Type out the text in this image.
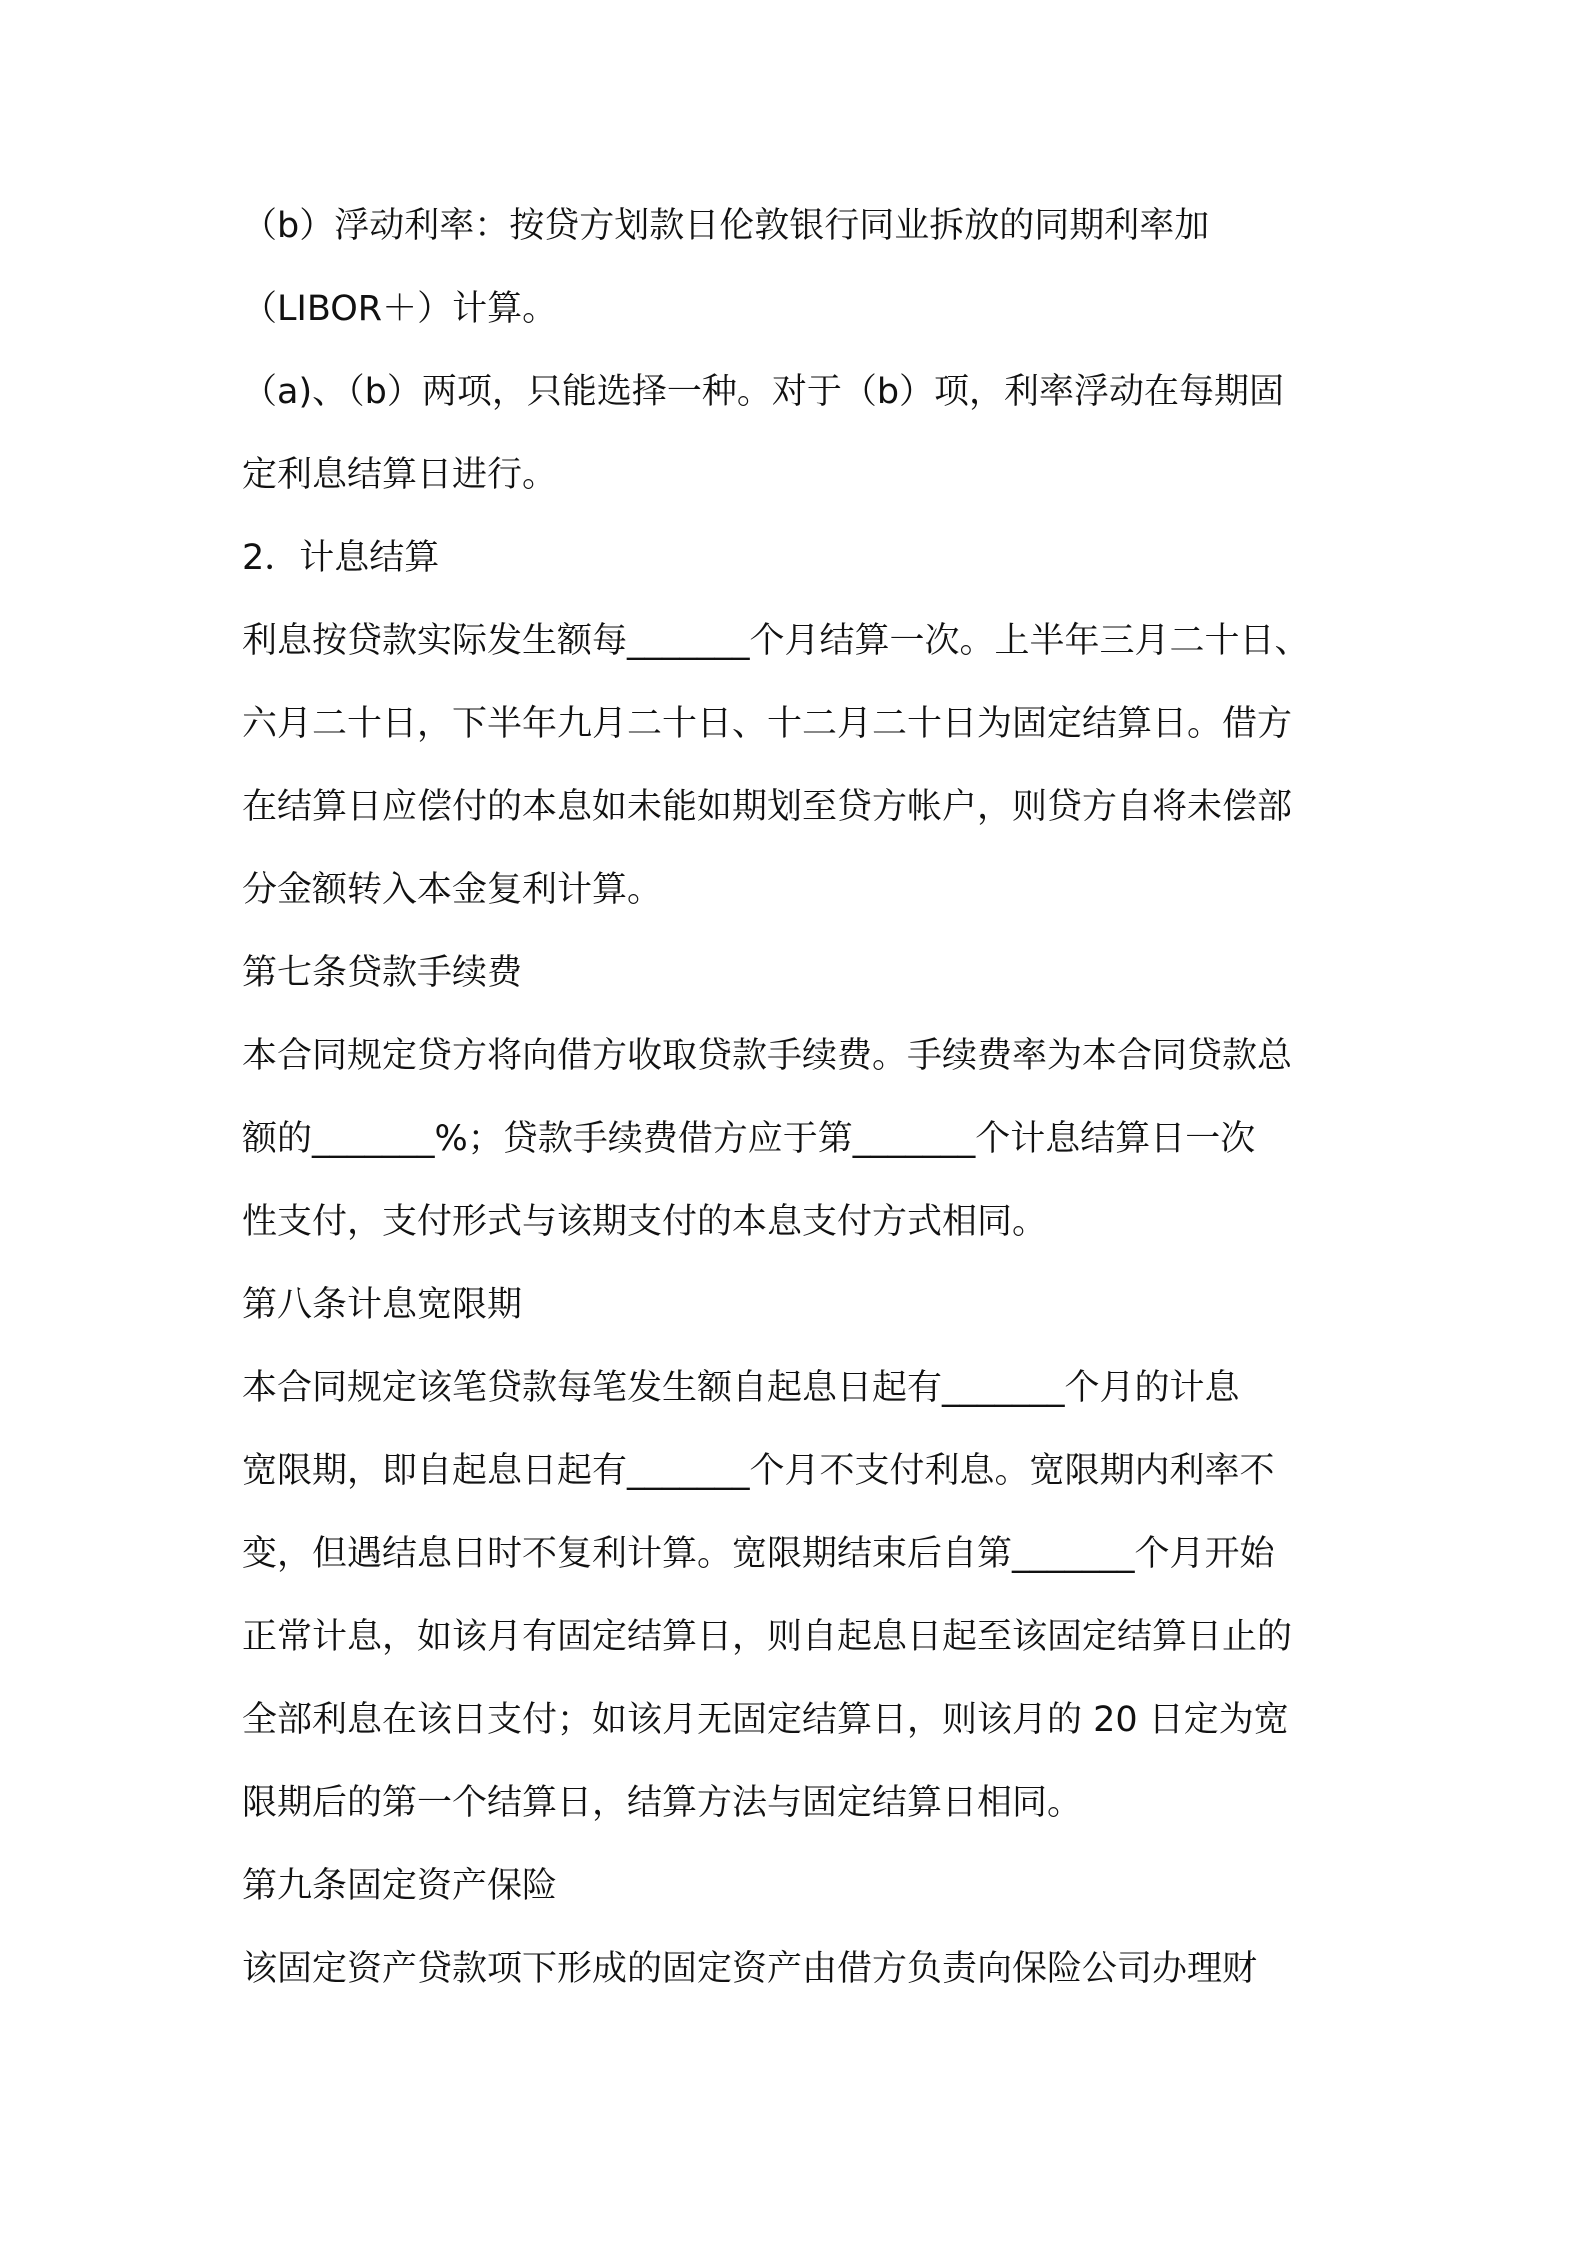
（b）浮动利率：按贷方划款日伦敦银行同业拆放的同期利率加
（LIBOR＋）计算。
（a)、（b）两项，只能选择一种。对于（b）项，利率浮动在每期固
定利息结算日进行。
2．计息结算
利息按贷款实际发生额每_______个月结算一次。上半年三月二十日、
六月二十日，下半年九月二十日、十二月二十日为固定结算日。借方
在结算日应偿付的本息如未能如期划至贷方帐户，则贷方自将未偿部
分金额转入本金复利计算。
第七条贷款手续费
本合同规定贷方将向借方收取贷款手续费。手续费率为本合同贷款总
额的_______%；贷款手续费借方应于第_______个计息结算日一次
性支付，支付形式与该期支付的本息支付方式相同。
第八条计息宽限期
本合同规定该笔贷款每笔发生额自起息日起有_______个月的计息
宽限期，即自起息日起有_______个月不支付利息。宽限期内利率不
变，但遇结息日时不复利计算。宽限期结束后自第_______个月开始
正常计息，如该月有固定结算日，则自起息日起至该固定结算日止的
全部利息在该日支付；如该月无固定结算日，则该月的 20 日定为宽
限期后的第一个结算日，结算方法与固定结算日相同。
第九条固定资产保险
该固定资产贷款项下形成的固定资产由借方负责向保险公司办理财
